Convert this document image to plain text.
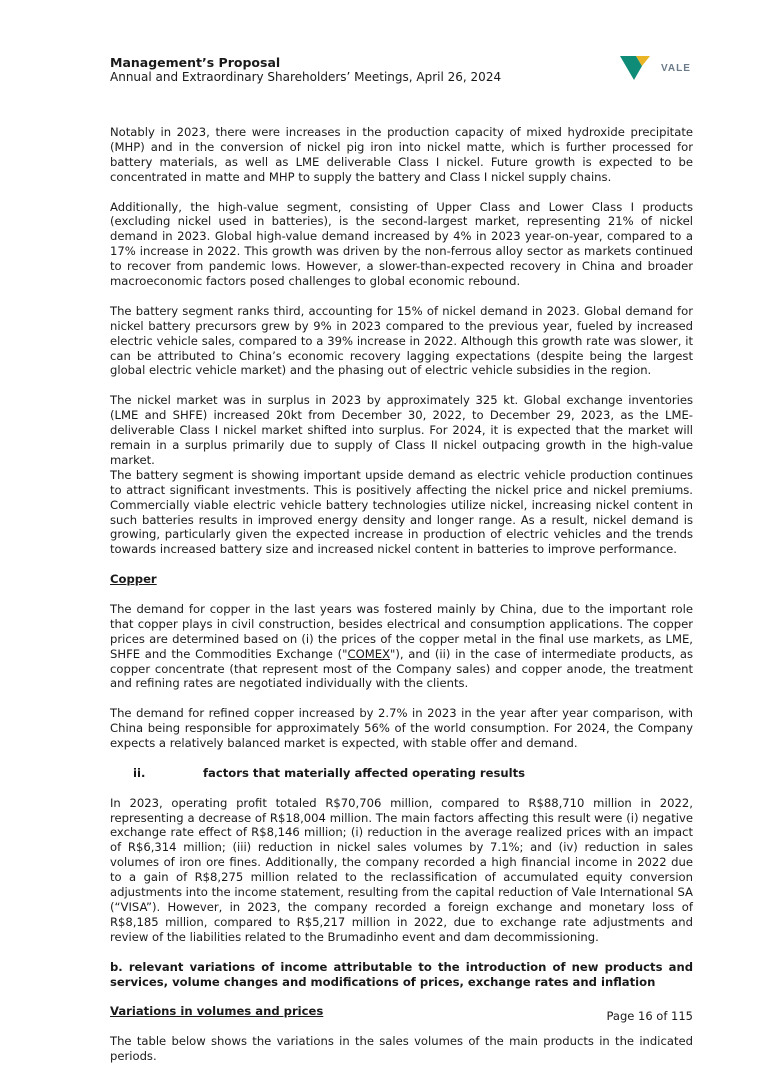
Management’s Proposal
Annual and Extraordinary Shareholders’ Meetings, April 26, 2024
VALE

Notably in 2023, there were increases in the production capacity of mixed hydroxide precipitate (MHP) and in the conversion of nickel pig iron into nickel matte, which is further processed for battery materials, as well as LME deliverable Class I nickel. Future growth is expected to be concentrated in matte and MHP to supply the battery and Class I nickel supply chains.

Additionally, the high-value segment, consisting of Upper Class and Lower Class I products (excluding nickel used in batteries), is the second-largest market, representing 21% of nickel demand in 2023. Global high-value demand increased by 4% in 2023 year-on-year, compared to a 17% increase in 2022. This growth was driven by the non-ferrous alloy sector as markets continued to recover from pandemic lows. However, a slower-than-expected recovery in China and broader macroeconomic factors posed challenges to global economic rebound.

The battery segment ranks third, accounting for 15% of nickel demand in 2023. Global demand for nickel battery precursors grew by 9% in 2023 compared to the previous year, fueled by increased electric vehicle sales, compared to a 39% increase in 2022. Although this growth rate was slower, it can be attributed to China’s economic recovery lagging expectations (despite being the largest global electric vehicle market) and the phasing out of electric vehicle subsidies in the region.

The nickel market was in surplus in 2023 by approximately 325 kt. Global exchange inventories (LME and SHFE) increased 20kt from December 30, 2022, to December 29, 2023, as the LME-deliverable Class I nickel market shifted into surplus. For 2024, it is expected that the market will remain in a surplus primarily due to supply of Class II nickel outpacing growth in the high-value market.

The battery segment is showing important upside demand as electric vehicle production continues to attract significant investments. This is positively affecting the nickel price and nickel premiums. Commercially viable electric vehicle battery technologies utilize nickel, increasing nickel content in such batteries results in improved energy density and longer range. As a result, nickel demand is growing, particularly given the expected increase in production of electric vehicles and the trends towards increased battery size and increased nickel content in batteries to improve performance.

Copper

The demand for copper in the last years was fostered mainly by China, due to the important role that copper plays in civil construction, besides electrical and consumption applications. The copper prices are determined based on (i) the prices of the copper metal in the final use markets, as LME, SHFE and the Commodities Exchange ("COMEX"), and (ii) in the case of intermediate products, as copper concentrate (that represent most of the Company sales) and copper anode, the treatment and refining rates are negotiated individually with the clients.

The demand for refined copper increased by 2.7% in 2023 in the year after year comparison, with China being responsible for approximately 56% of the world consumption. For 2024, the Company expects a relatively balanced market is expected, with stable offer and demand.

ii.	factors that materially affected operating results

In 2023, operating profit totaled R$70,706 million, compared to R$88,710 million in 2022, representing a decrease of R$18,004 million. The main factors affecting this result were (i) negative exchange rate effect of R$8,146 million; (i) reduction in the average realized prices with an impact of R$6,314 million; (iii) reduction in nickel sales volumes by 7.1%; and (iv) reduction in sales volumes of iron ore fines. Additionally, the company recorded a high financial income in 2022 due to a gain of R$8,275 million related to the reclassification of accumulated equity conversion adjustments into the income statement, resulting from the capital reduction of Vale International SA (“VISA”). However, in 2023, the company recorded a foreign exchange and monetary loss of R$8,185 million, compared to R$5,217 million in 2022, due to exchange rate adjustments and review of the liabilities related to the Brumadinho event and dam decommissioning.

b. relevant variations of income attributable to the introduction of new products and services, volume changes and modifications of prices, exchange rates and inflation
Variations in volumes and prices

The table below shows the variations in the sales volumes of the main products in the indicated periods.

Page 16 of 115
